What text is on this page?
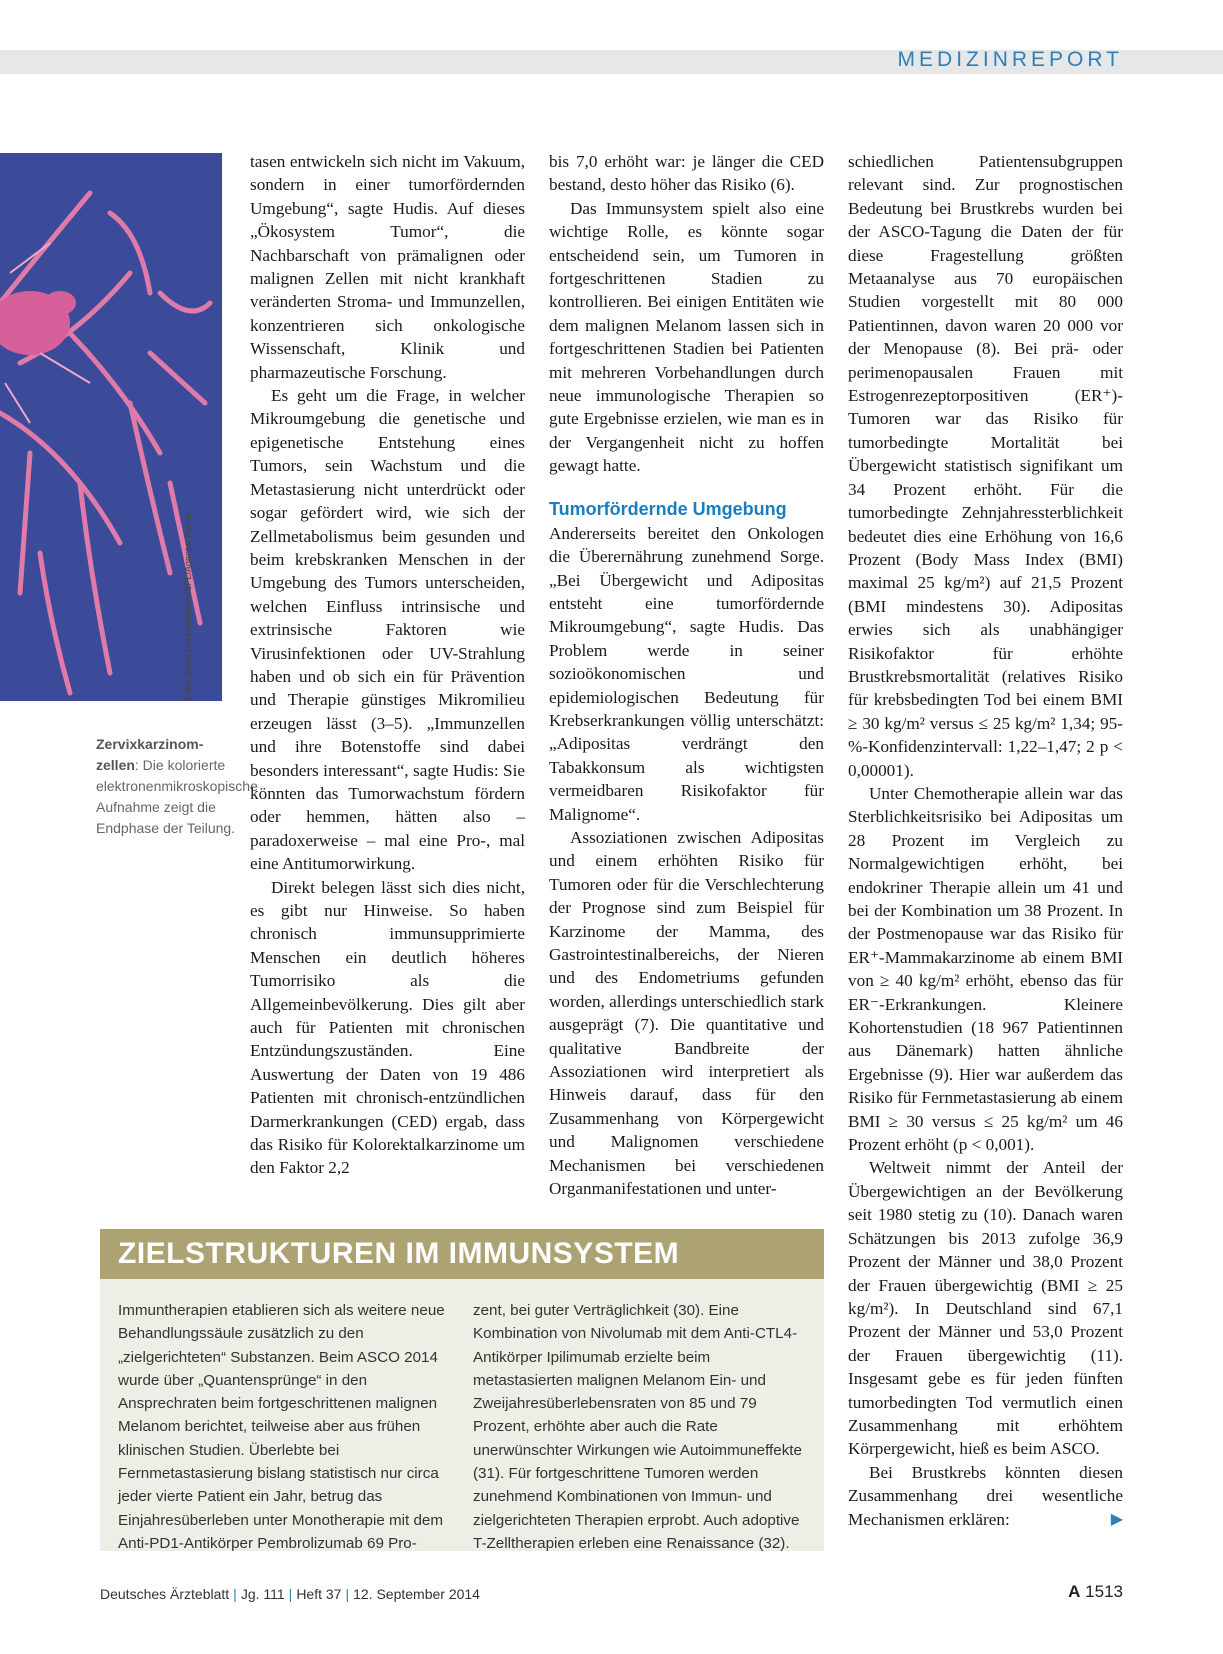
MEDIZINREPORT
Foto: Steve Gschmeissner/SPL/Agentur Focus
Zervixkarzinom-zellen: Die kolorierte elektronenmikroskopische Aufnahme zeigt die Endphase der Teilung.

tasen entwickeln sich nicht im Vakuum, sondern in einer tumorfördernden Umgebung“, sagte Hudis. Auf dieses „Ökosystem Tumor“, die Nachbarschaft von prämalignen oder malignen Zellen mit nicht krankhaft veränderten Stroma- und Immunzellen, konzentrieren sich onkologische Wissenschaft, Klinik und pharmazeutische Forschung.

Es geht um die Frage, in welcher Mikroumgebung die genetische und epigenetische Entstehung eines Tumors, sein Wachstum und die Metastasierung nicht unterdrückt oder sogar gefördert wird, wie sich der Zellmetabolismus beim gesunden und beim krebskranken Menschen in der Umgebung des Tumors unterscheiden, welchen Einfluss intrinsische und extrinsische Faktoren wie Virusinfektionen oder UV-Strahlung haben und ob sich ein für Prävention und Therapie günstiges Mikromilieu erzeugen lässt (3–5). „Immunzellen und ihre Botenstoffe sind dabei besonders interessant“, sagte Hudis: Sie könnten das Tumorwachstum fördern oder hemmen, hätten also – paradoxerweise – mal eine Pro-, mal eine Antitumorwirkung.

Direkt belegen lässt sich dies nicht, es gibt nur Hinweise. So haben chronisch immunsupprimierte Menschen ein deutlich höheres Tumorrisiko als die Allgemeinbevölkerung. Dies gilt aber auch für Patienten mit chronischen Entzündungszuständen. Eine Auswertung der Daten von 19 486 Patienten mit chronisch-entzündlichen Darmerkrankungen (CED) ergab, dass das Risiko für Kolorektalkarzinome um den Faktor 2,2

bis 7,0 erhöht war: je länger die CED bestand, desto höher das Risiko (6).

Das Immunsystem spielt also eine wichtige Rolle, es könnte sogar entscheidend sein, um Tumoren in fortgeschrittenen Stadien zu kontrollieren. Bei einigen Entitäten wie dem malignen Melanom lassen sich in fortgeschrittenen Stadien bei Patienten mit mehreren Vorbehandlungen durch neue immunologische Therapien so gute Ergebnisse erzielen, wie man es in der Vergangenheit nicht zu hoffen gewagt hatte.

Tumorfördernde Umgebung

Andererseits bereitet den Onkologen die Überernährung zunehmend Sorge. „Bei Übergewicht und Adipositas entsteht eine tumorfördernde Mikroumgebung“, sagte Hudis. Das Problem werde in seiner sozioökonomischen und epidemiologischen Bedeutung für Krebserkrankungen völlig unterschätzt: „Adipositas verdrängt den Tabakkonsum als wichtigsten vermeidbaren Risikofaktor für Malignome“.

Assoziationen zwischen Adipositas und einem erhöhten Risiko für Tumoren oder für die Verschlechterung der Prognose sind zum Beispiel für Karzinome der Mamma, des Gastrointestinalbereichs, der Nieren und des Endometriums gefunden worden, allerdings unterschiedlich stark ausgeprägt (7). Die quantitative und qualitative Bandbreite der Assoziationen wird interpretiert als Hinweis darauf, dass für den Zusammenhang von Körpergewicht und Malignomen verschiedene Mechanismen bei verschiedenen Organmanifestationen und unter-

schiedlichen Patientensubgruppen relevant sind. Zur prognostischen Bedeutung bei Brustkrebs wurden bei der ASCO-Tagung die Daten der für diese Fragestellung größten Metaanalyse aus 70 europäischen Studien vorgestellt mit 80 000 Patientinnen, davon waren 20 000 vor der Menopause (8). Bei prä- oder perimenopausalen Frauen mit Estrogenrezeptorpositiven (ER⁺)-Tumoren war das Risiko für tumorbedingte Mortalität bei Übergewicht statistisch signifikant um 34 Prozent erhöht. Für die tumorbedingte Zehnjahressterblichkeit bedeutet dies eine Erhöhung von 16,6 Prozent (Body Mass Index (BMI) maximal 25 kg/m²) auf 21,5 Prozent (BMI mindestens 30). Adipositas erwies sich als unabhängiger Risikofaktor für erhöhte Brustkrebsmortalität (relatives Risiko für krebsbedingten Tod bei einem BMI ≥ 30 kg/m² versus ≤ 25 kg/m² 1,34; 95-%-Konfidenzintervall: 1,22–1,47; 2 p < 0,00001).

Unter Chemotherapie allein war das Sterblichkeitsrisiko bei Adipositas um 28 Prozent im Vergleich zu Normalgewichtigen erhöht, bei endokriner Therapie allein um 41 und bei der Kombination um 38 Prozent. In der Postmenopause war das Risiko für ER⁺-Mammakarzinome ab einem BMI von ≥ 40 kg/m² erhöht, ebenso das für ER⁻-Erkrankungen. Kleinere Kohortenstudien (18 967 Patientinnen aus Dänemark) hatten ähnliche Ergebnisse (9). Hier war außerdem das Risiko für Fernmetastasierung ab einem BMI ≥ 30 versus ≤ 25 kg/m² um 46 Prozent erhöht (p < 0,001).

Weltweit nimmt der Anteil der Übergewichtigen an der Bevölkerung seit 1980 stetig zu (10). Danach waren Schätzungen bis 2013 zufolge 36,9 Prozent der Männer und 38,0 Prozent der Frauen übergewichtig (BMI ≥ 25 kg/m²). In Deutschland sind 67,1 Prozent der Männer und 53,0 Prozent der Frauen übergewichtig (11). Insgesamt gebe es für jeden fünften tumorbedingten Tod vermutlich einen Zusammenhang mit erhöhtem Körpergewicht, hieß es beim ASCO.

Bei Brustkrebs könnten diesen Zusammenhang drei wesentliche Mechanismen erklären:	▶

ZIELSTRUKTUREN IM IMMUNSYSTEM
Immuntherapien etablieren sich als weitere neue Behandlungssäule zusätzlich zu den „zielgerichteten“ Substanzen. Beim ASCO 2014 wurde über „Quantensprünge“ in den Ansprechraten beim fortgeschrittenen malignen Melanom berichtet, teilweise aber aus frühen klinischen Studien. Überlebte bei Fernmetastasierung bislang statistisch nur circa jeder vierte Patient ein Jahr, betrug das Einjahresüberleben unter Monotherapie mit dem Anti-PD1-Antikörper Pembrolizumab 69 Pro-
zent, bei guter Verträglichkeit (30). Eine Kombination von Nivolumab mit dem Anti-CTL4-Antikörper Ipilimumab erzielte beim metastasierten malignen Melanom Ein- und Zweijahresüberlebensraten von 85 und 79 Prozent, erhöhte aber auch die Rate unerwünschter Wirkungen wie Autoimmuneffekte (31). Für fortgeschrittene Tumoren werden zunehmend Kombinationen von Immun- und zielgerichteten Therapien erprobt. Auch adoptive T-Zelltherapien erleben eine Renaissance (32).
Deutsches Ärzteblatt | Jg. 111 | Heft 37 | 12. September 2014	A 1513
